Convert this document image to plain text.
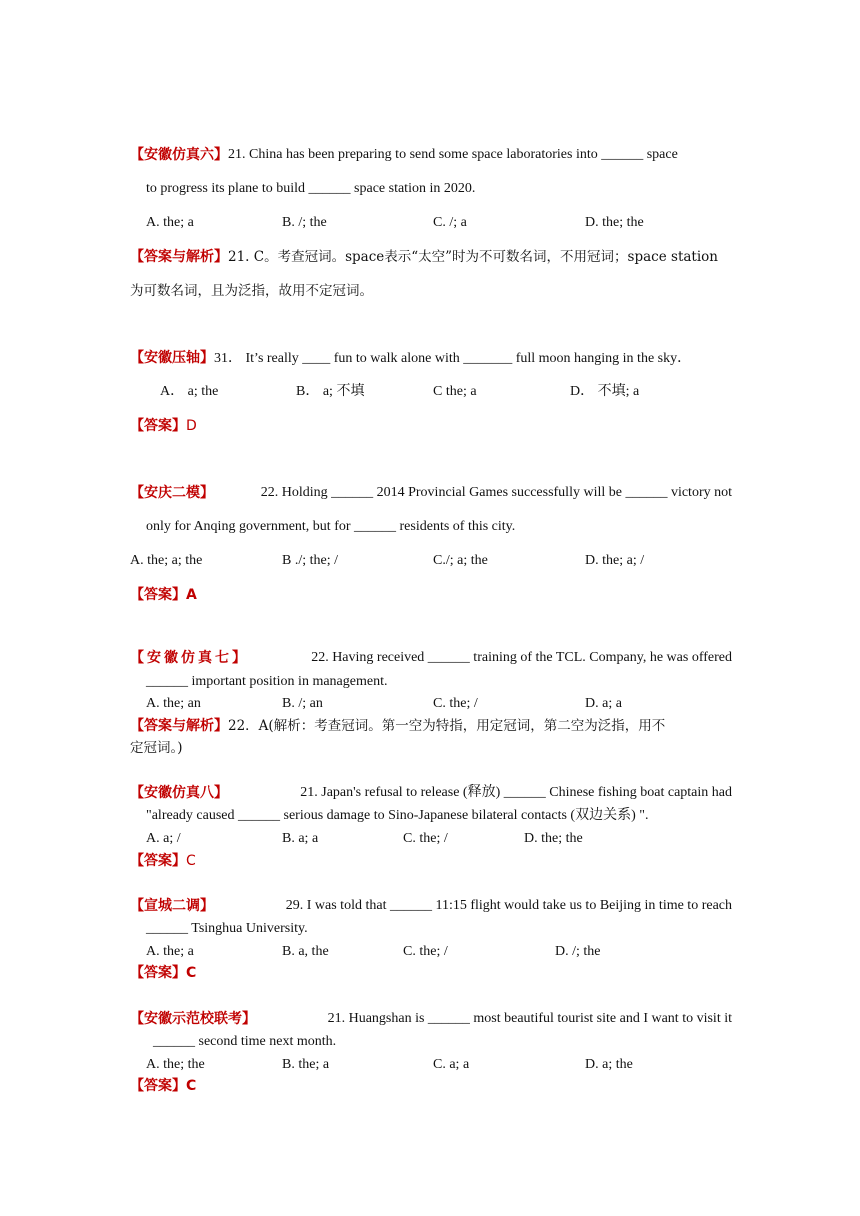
【安徽仿真六】 21. China has been preparing to send some space laboratories into ______ space
to progress its plane to build ______ space station in 2020.
A. the; a	B. /; the	C. /; a	D. the; the
【答案与解析】21. C。考查冠词。space表示“太空”时为不可数名词，不用冠词；space station
为可数名词，且为泛指，故用不定冠词。
【安徽压轴】31． It’s really ____ fun to walk alone with _______ full moon hanging in the sky．
A． a; the	B． a; 不填	C the; a	D． 不填; a
【答案】D
【安庆二模】	22. Holding ______ 2014 Provincial Games successfully will be ______ victory not
only for Anqing government, but for ______ residents of this city.
A. the; a; the	B ./; the; /	C./; a; the	D. the; a; /
【答案】A
【安徽仿真七】	22. Having received ______ training of the TCL. Company, he was offered
______ important position in management.
A. the; an	B. /; an	C. the; /	D. a; a
【答案与解析】22．A(解析：考查冠词。第一空为特指，用定冠词，第二空为泛指，用不
定冠词。)
【安徽仿真八】	21. Japan's refusal to release (释放) ______ Chinese fishing boat captain had
"already caused ______ serious damage to Sino-Japanese bilateral contacts (双边关系) ".
A. a; /	B. a; a	C. the; /	D. the; the
【答案】C
【宣城二调】	29. I was told that ______ 11:15 flight would take us to Beijing in time to reach
______ Tsinghua University.
A. the; a	B. a, the	C. the; /	D. /; the
【答案】C
【安徽示范校联考】	21. Huangshan is ______ most beautiful tourist site and I want to visit it
______ second time next month.
A. the; the	B. the; a	C. a; a	D. a; the
【答案】C
